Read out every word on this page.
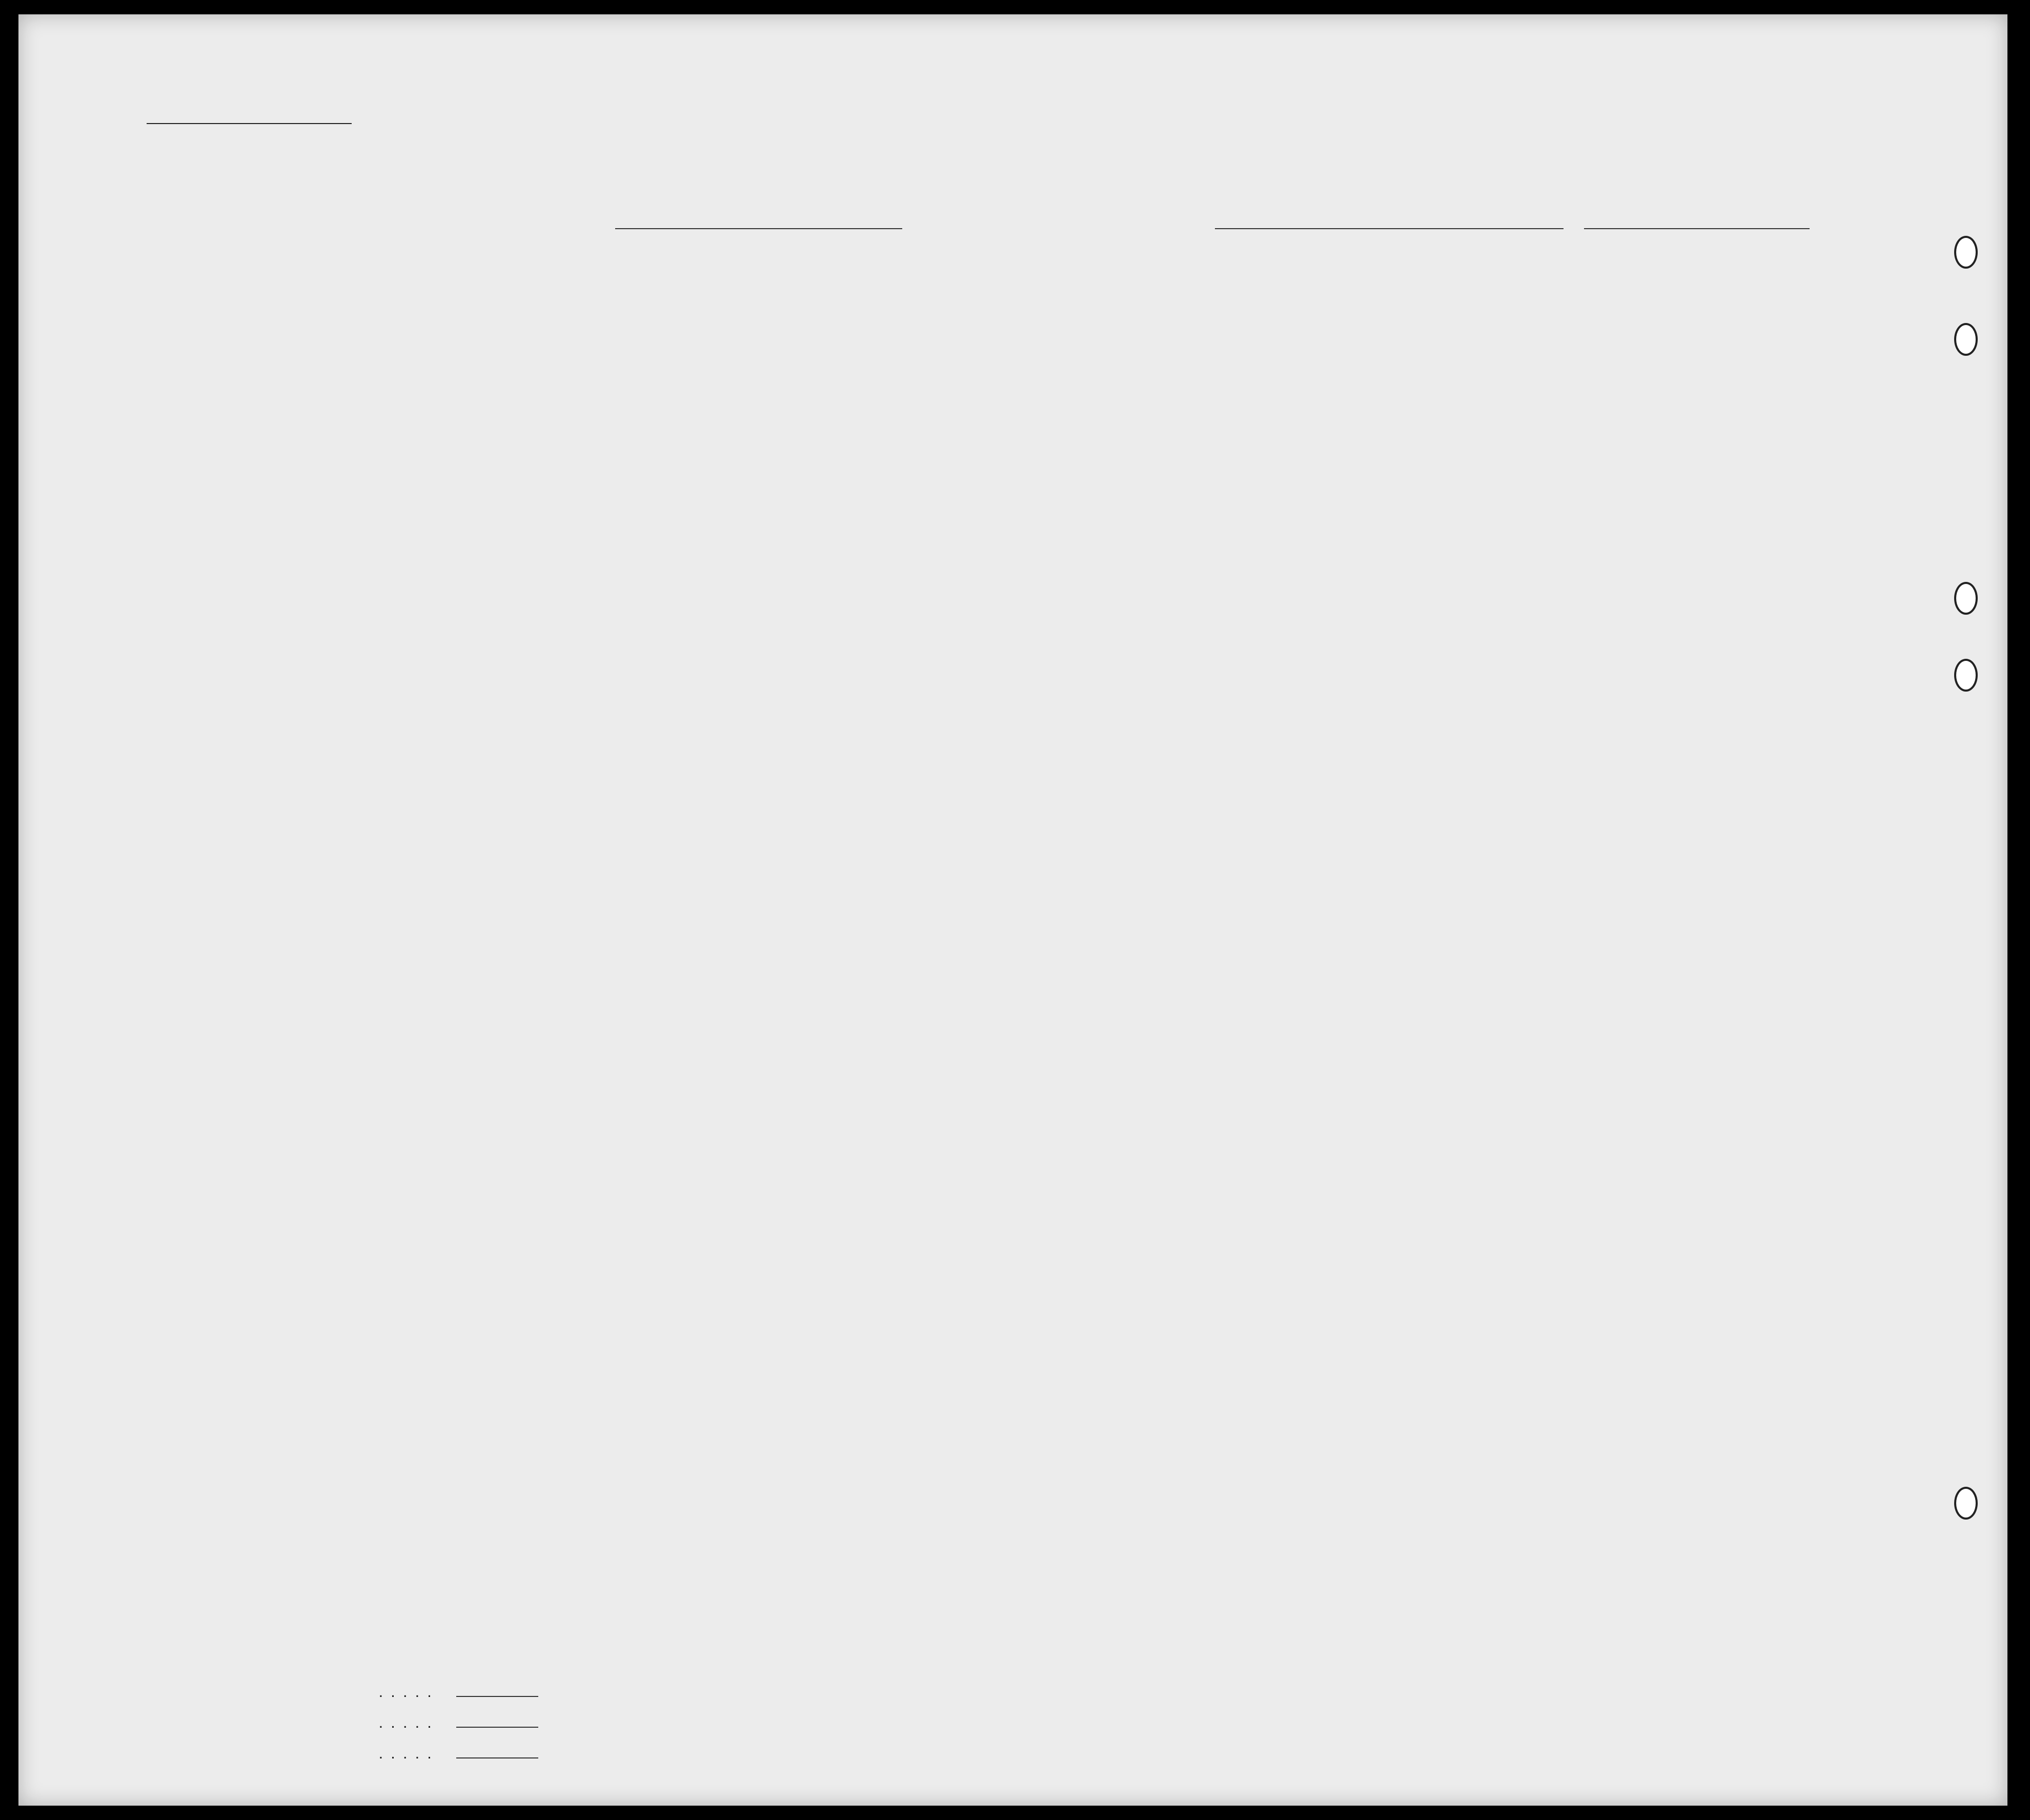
. . . . .
. . . . .
. . . . .
